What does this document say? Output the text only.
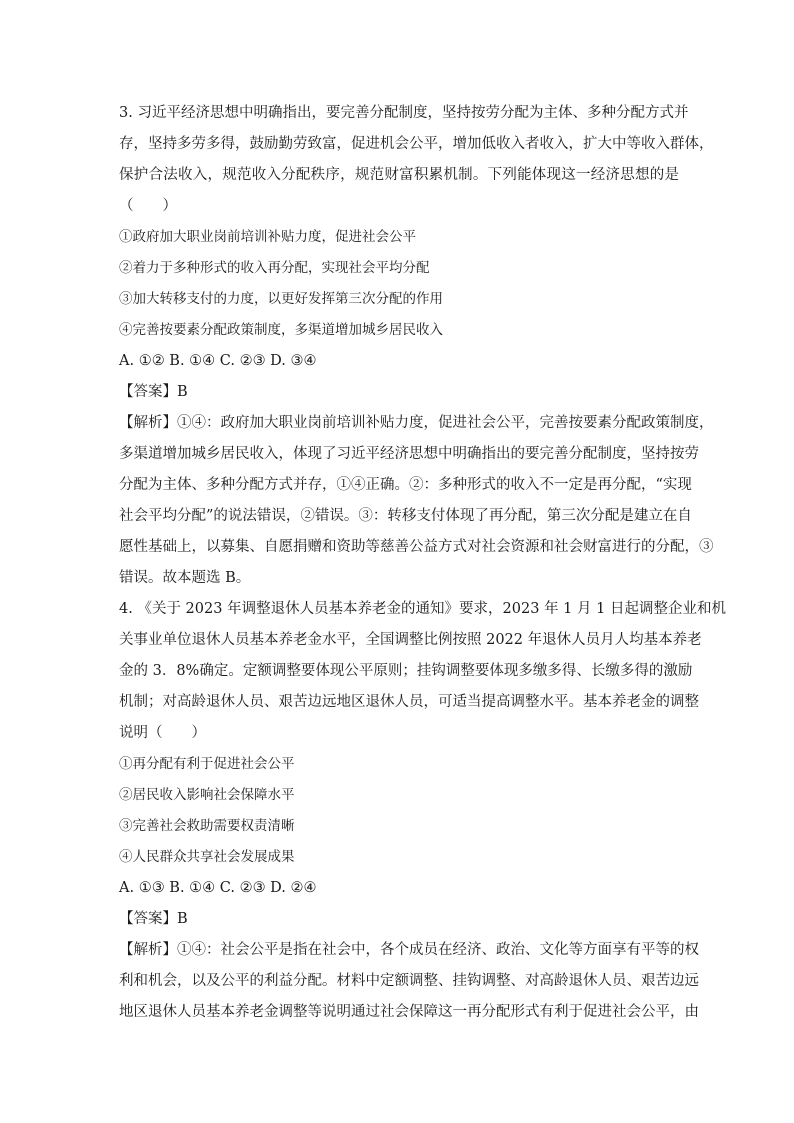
3. 习近平经济思想中明确指出，要完善分配制度，坚持按劳分配为主体、多种分配方式并
存，坚持多劳多得，鼓励勤劳致富，促进机会公平，增加低收入者收入，扩大中等收入群体，
保护合法收入，规范收入分配秩序，规范财富积累机制。下列能体现这一经济思想的是
（　　）
①政府加大职业岗前培训补贴力度，促进社会公平
②着力于多种形式的收入再分配，实现社会平均分配
③加大转移支付的力度，以更好发挥第三次分配的作用
④完善按要素分配政策制度，多渠道增加城乡居民收入
A. ①② B. ①④ C. ②③ D. ③④
【答案】B
【解析】①④：政府加大职业岗前培训补贴力度，促进社会公平，完善按要素分配政策制度，
多渠道增加城乡居民收入，体现了习近平经济思想中明确指出的要完善分配制度，坚持按劳
分配为主体、多种分配方式并存，①④正确。②：多种形式的收入不一定是再分配，“实现
社会平均分配”的说法错误，②错误。③：转移支付体现了再分配，第三次分配是建立在自
愿性基础上，以募集、自愿捐赠和资助等慈善公益方式对社会资源和社会财富进行的分配，③
错误。故本题选 B。
4. 《关于 2023 年调整退休人员基本养老金的通知》要求，2023 年 1 月 1 日起调整企业和机
关事业单位退休人员基本养老金水平，全国调整比例按照 2022 年退休人员月人均基本养老
金的 3．8%确定。定额调整要体现公平原则；挂钩调整要体现多缴多得、长缴多得的激励
机制；对高龄退休人员、艰苦边远地区退休人员，可适当提高调整水平。基本养老金的调整
说明（　　）
①再分配有利于促进社会公平
②居民收入影响社会保障水平
③完善社会救助需要权责清晰
④人民群众共享社会发展成果
A. ①③ B. ①④ C. ②③ D. ②④
【答案】B
【解析】①④：社会公平是指在社会中，各个成员在经济、政治、文化等方面享有平等的权
利和机会，以及公平的利益分配。材料中定额调整、挂钩调整、对高龄退休人员、艰苦边远
地区退休人员基本养老金调整等说明通过社会保障这一再分配形式有利于促进社会公平，由
